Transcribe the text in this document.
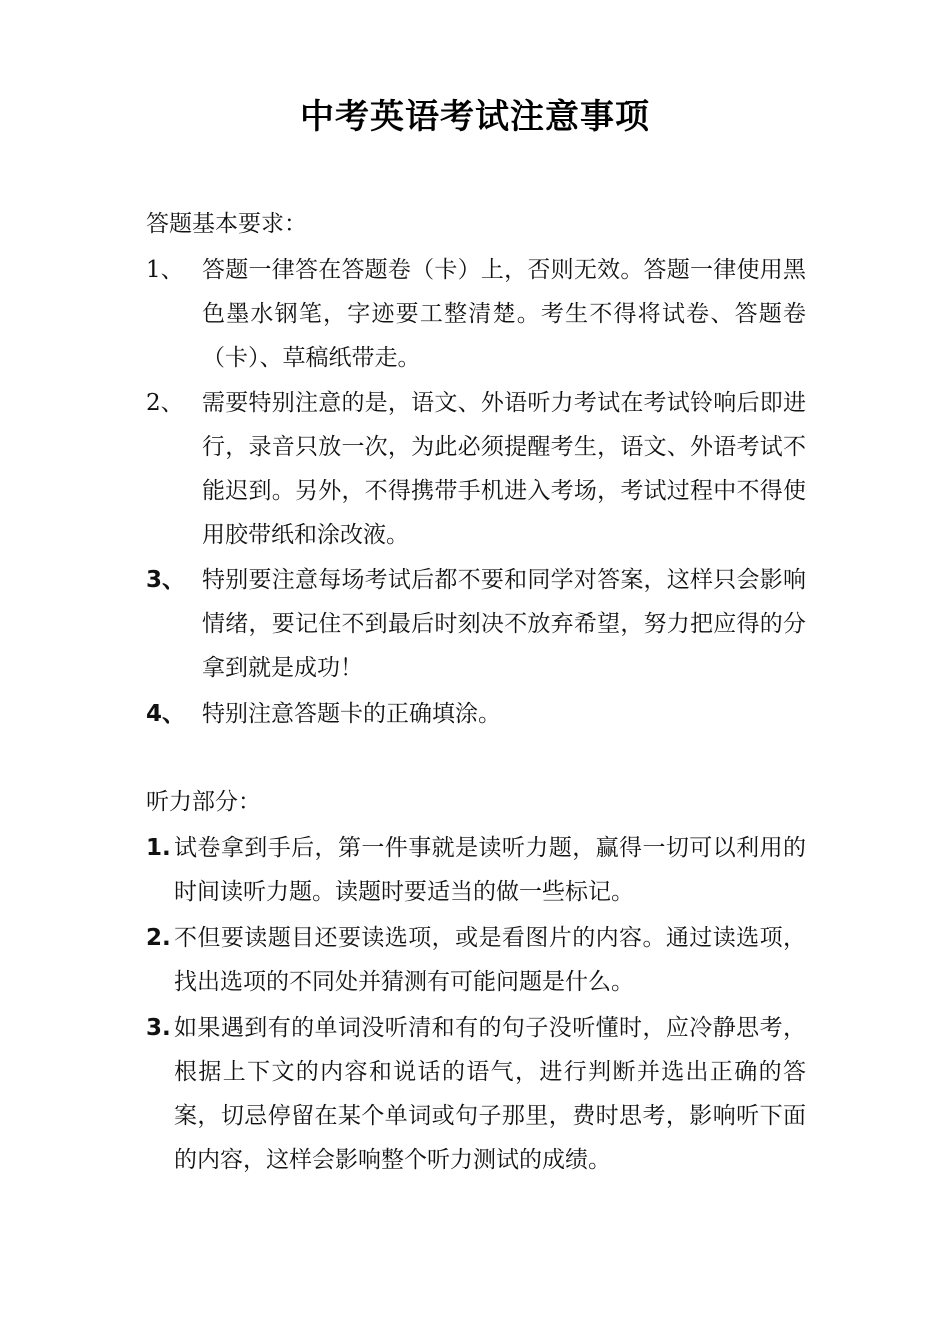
中考英语考试注意事项
答题基本要求：
1、 答题一律答在答题卷（卡）上，否则无效。答题一律使用黑色墨水钢笔，字迹要工整清楚。考生不得将试卷、答题卷（卡）、草稿纸带走。
2、 需要特别注意的是，语文、外语听力考试在考试铃响后即进行，录音只放一次，为此必须提醒考生，语文、外语考试不能迟到。另外，不得携带手机进入考场，考试过程中不得使用胶带纸和涂改液。
3、 特别要注意每场考试后都不要和同学对答案，这样只会影响情绪，要记住不到最后时刻决不放弃希望，努力把应得的分拿到就是成功！
4、 特别注意答题卡的正确填涂。
听力部分：
1. 试卷拿到手后，第一件事就是读听力题，赢得一切可以利用的时间读听力题。读题时要适当的做一些标记。
2. 不但要读题目还要读选项，或是看图片的内容。通过读选项，找出选项的不同处并猜测有可能问题是什么。
3. 如果遇到有的单词没听清和有的句子没听懂时，应冷静思考，根据上下文的内容和说话的语气，进行判断并选出正确的答案，切忌停留在某个单词或句子那里，费时思考，影响听下面的内容，这样会影响整个听力测试的成绩。
